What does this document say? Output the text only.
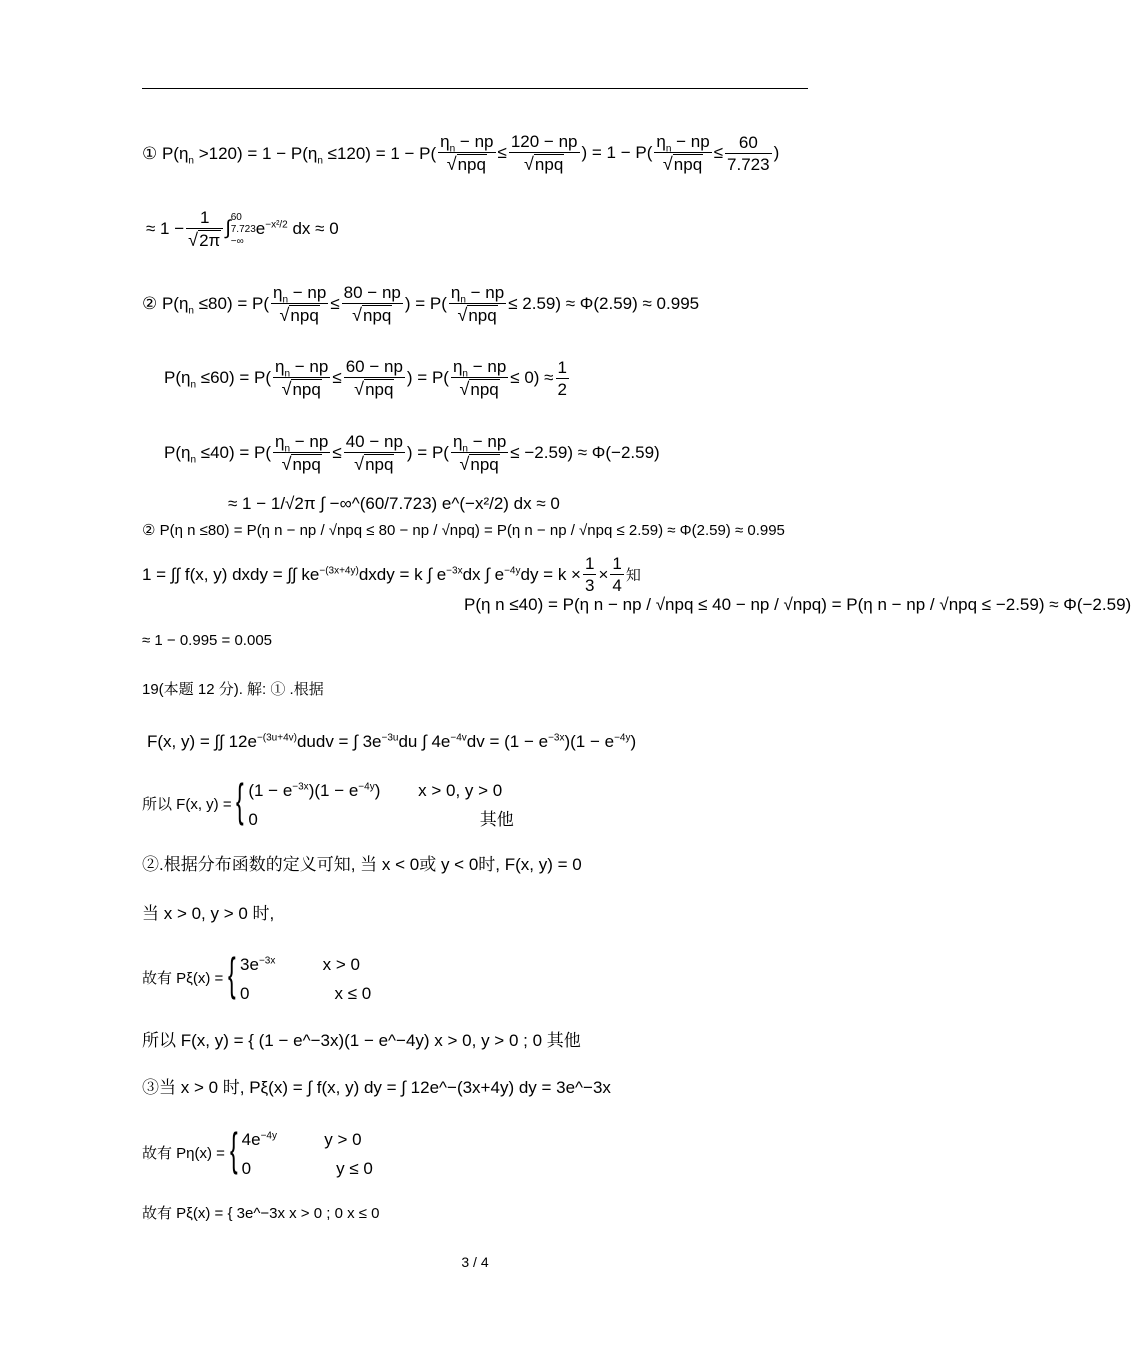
① $P(\eta_n >120) = 1 - P(\eta_n \le 120) = 1 - P( \frac{\eta_n - np}{\text{√npq}} \le \frac{120 - np}{\text{√npq}}$ ) = $1 - P( \frac{\eta_n - np}{\text{√npq}} \le \frac{60}{7.723}$ )
≈ $1 - \frac{1}{√2\pi} \int 60$
7.723
$-\infty e^{-x^2/2}$ dx ≈ 0
② $P(\eta_n \le 80) = P( \frac{\eta_n - np}{\text{√npq}} \le \frac{80 - np}{\text{√npq}}$ ) = $P( \frac{\eta_n - np}{\text{√npq}} \le 2.59) \approx \Phi(2.59) \approx 0.995$
$P(\eta_n \le 60) = P( \frac{\eta_n - np}{\text{√npq}} \le \frac{60 - np}{\text{√npq}}$ ) = $P( \frac{\eta_n - np}{\text{√npq}} \le 0) \approx \frac{1}{2}$
$P(\eta_n \le 40) = P( \frac{\eta_n - np}{\text{√npq}} \le \frac{40 - np}{\text{√npq}}$ ) = $P( \frac{\eta_n - np}{\text{√npq}} \le -2.59) \approx \Phi(-2.59)$
≈ 1 − 1/√2π ∫ −∞^(60/7.723) e^(−x²/2) dx ≈ 0
② P(η n ≤80) = P(η n − np / √npq ≤ 80 − np / √npq) = P(η n − np / √npq ≤ 2.59) ≈ Φ(2.59) ≈ 0.995
1 = ∫∫ f(x, y) dxdy = ∫∫ $ke^{-(3x+4y)}dxdy = k$ ∫ $e^{-3x}dx$ ∫ $e^{-4y}dy = k \times \frac{1}{3} \times \frac{1}{4}$ 知
P(η n ≤40) = P(η n − np / √npq ≤ 40 − np / √npq) = P(η n − np / √npq ≤ −2.59) ≈ Φ(−2.59)
≈ 1 − 0.995 = 0.005
19(本题 12 分). 解: ① .根据
F(x, y) = ∫∫ $12e^{-(3u+4v)}dudv$ = ∫ $3e^{-3u}du$ ∫ $4e^{-4v}dv = (1 - e^{-3x})(1 - e^{-4y})$
所以 F(x, y) = { $(1 - e^{-3x})(1 - e^{-4y})$        x > 0, y > 0
0                                               其他
②.根据分布函数的定义可知, 当 x < 0或 y < 0时, F(x, y) = 0
当 x > 0, y > 0 时,
故有 Pξ(x) = { $3e^{-3x}$          x > 0
0                  x ≤ 0
所以 F(x, y) = { (1 − e^−3x)(1 − e^−4y) x > 0, y > 0 ; 0 其他
③当 x > 0 时, Pξ(x) = ∫ f(x, y) dy = ∫ 12e^−(3x+4y) dy = 3e^−3x
故有 Pη(x) = { $4e^{-4y}$          y > 0
0                  y ≤ 0
故有 Pξ(x) = { 3e^−3x x > 0 ; 0 x ≤ 0
3 / 4
